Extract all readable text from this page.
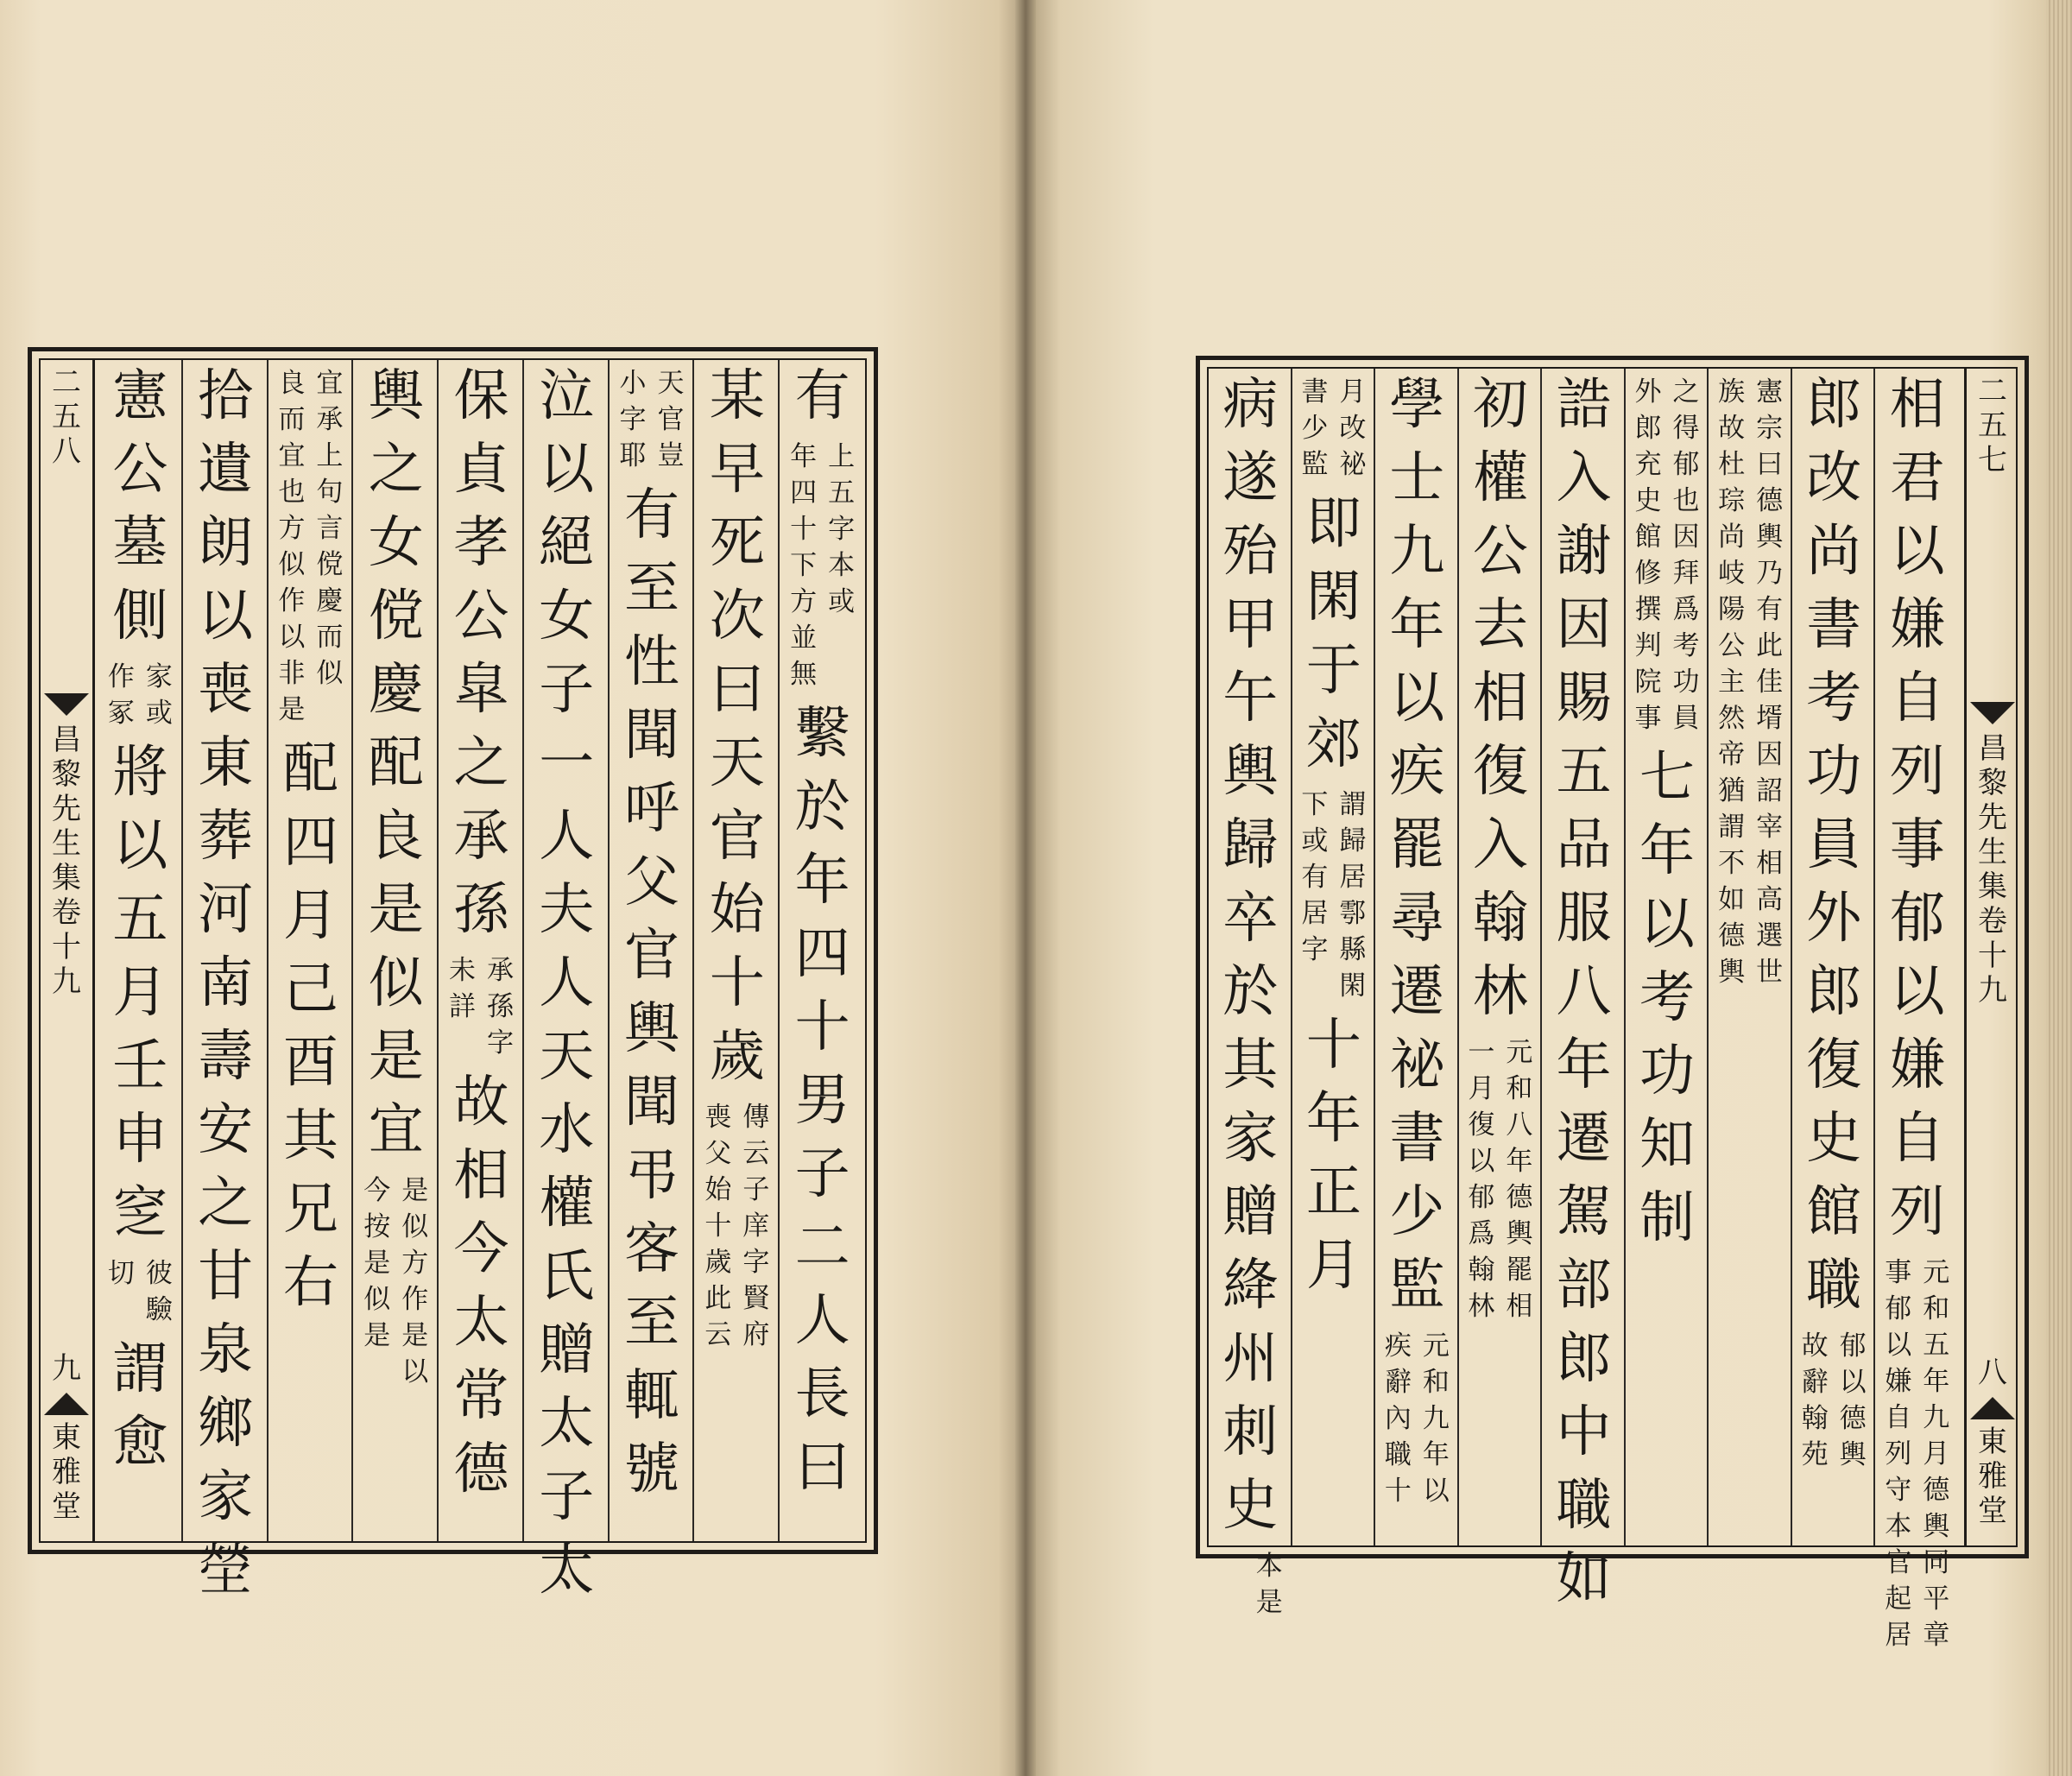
二
五
八
昌
黎
先
生
集
卷
十
九
九
東
雅
堂
有
上
五
字
本
或
年
四
十
下
方
並
無
繫於年四十男子二人長曰
某早死次曰天官始十歲
傳
云
子
庠
字
賢
府
喪
父
始
十
歲
此
云
天
官
豈
小
字
耶
有至性聞呼父官輿聞弔客至輒號
泣以絕女子一人夫人天水權氏贈太子太
保貞孝公皐之承孫
承
孫
字
未
詳
故相今太常德
輿之女傥慶配良是似是宜
是
似
方
作
是
以
今
按
是
似
是
宜
承
上
句
言
傥
慶
而
似
良
而
宜
也
方
似
作
以
非
是
配四月己酉其兄右
拾遺朗以喪東葬河南壽安之甘泉鄉家塋
憲公墓側
家
或
作
冢
將以五月壬申窆
彼
驗
切
謂愈
二
五
七
昌
黎
先
生
集
卷
十
九
八
東
雅
堂
相君以嫌自列事郁以嫌自列
元
和
五
年
九
月
德
輿
同
平
章
事
郁
以
嫌
自
列
守
本
官
起
居
郎改尚書考功員外郎復史館職
郁
以
德
輿
故
辭
翰
苑
憲
宗
曰
德
輿
乃
有
此
佳
壻
因
詔
宰
相
高
選
世
族
故
杜
琮
尚
岐
陽
公
主
然
帝
猶
謂
不
如
德
輿
之
得
郁
也
因
拜
爲
考
功
員
外
郎
充
史
館
修
撰
判
院
事
七年以考功知制
誥入謝因賜五品服八年遷駕部郎中職如
初權公去相復入翰林
元
和
八
年
德
輿
罷
相
一
月
復
以
郁
爲
翰
林
學士九年以疾罷尋遷祕書少監
元
和
九
年
以
疾
辭
內
職
十
月
改
祕
書
少
監
即閑于郊
謂
歸
居
鄠
縣
閑
下
或
有
居
字
十年正月
病遂殆甲午輿歸卒於其家贈絳州刺史
本
是
